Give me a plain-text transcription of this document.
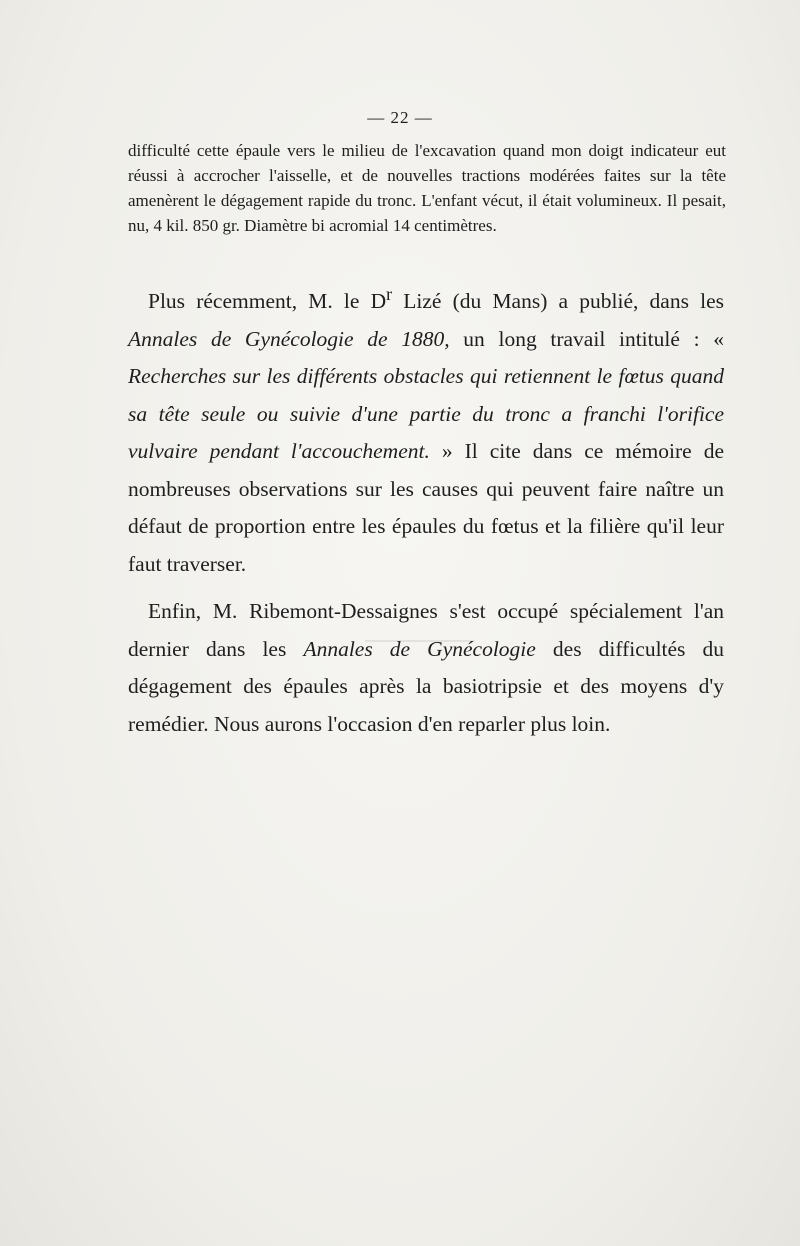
— 22 —

difficulté cette épaule vers le milieu de l'excavation quand mon doigt indicateur eut réussi à accrocher l'aisselle, et de nouvelles tractions modérées faites sur la tête amenèrent le dégagement rapide du tronc. L'enfant vécut, il était volumineux. Il pesait, nu, 4 kil. 850 gr. Diamètre bi acromial 14 centimètres.

Plus récemment, M. le $D^r$ Lizé (du Mans) a publié, dans les Annales de Gynécologie de 1880, un long travail intitulé : « Recherches sur les différents obstacles qui retiennent le fœtus quand sa tête seule ou suivie d'une partie du tronc a franchi l'orifice vulvaire pendant l'accouchement. » Il cite dans ce mémoire de nombreuses observations sur les causes qui peuvent faire naître un défaut de proportion entre les épaules du fœtus et la filière qu'il leur faut traverser.

Enfin, M. Ribemont-Dessaignes s'est occupé spécialement l'an dernier dans les Annales de Gynécologie des difficultés du dégagement des épaules après la basiotripsie et des moyens d'y remédier. Nous aurons l'occasion d'en reparler plus loin.
